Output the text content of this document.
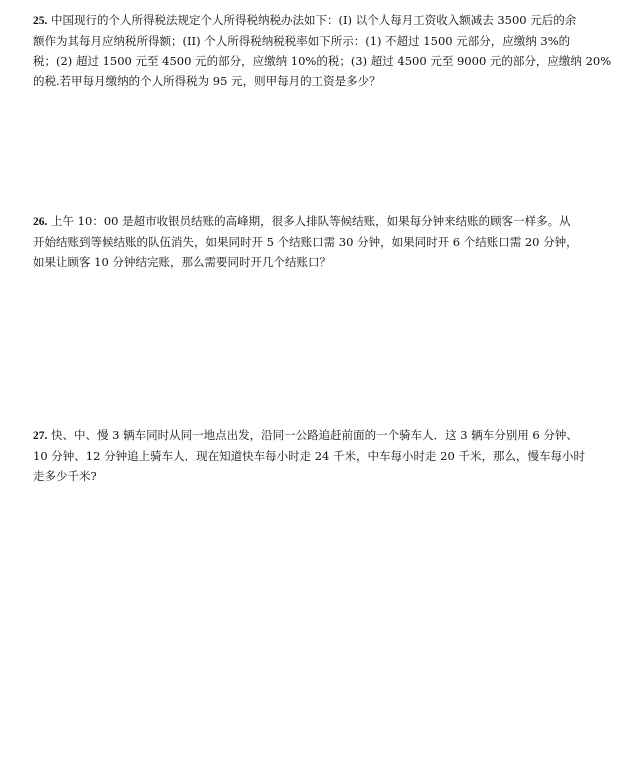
25. 中国现行的个人所得税法规定个人所得税纳税办法如下：(I) 以个人每月工资收入额减去 3500 元后的余
额作为其每月应纳税所得额；(II) 个人所得税纳税税率如下所示：(1) 不超过 1500 元部分，应缴纳 3%的
税；(2) 超过 1500 元至 4500 元的部分，应缴纳 10%的税；(3) 超过 4500 元至 9000 元的部分，应缴纳 20%
的税.若甲每月缴纳的个人所得税为 95 元，则甲每月的工资是多少？
26. 上午 10：00 是超市收银员结账的高峰期，很多人排队等候结账，如果每分钟来结账的顾客一样多。从
开始结账到等候结账的队伍消失，如果同时开 5 个结账口需 30 分钟，如果同时开 6 个结账口需 20 分钟，
如果让顾客 10 分钟结完账，那么需要同时开几个结账口？
27. 快、中、慢 3 辆车同时从同一地点出发，沿同一公路追赶前面的一个骑车人．这 3 辆车分别用 6 分钟、
10 分钟、12 分钟追上骑车人．现在知道快车每小时走 24 千米，中车每小时走 20 千米，那么，慢车每小时
走多少千米?
